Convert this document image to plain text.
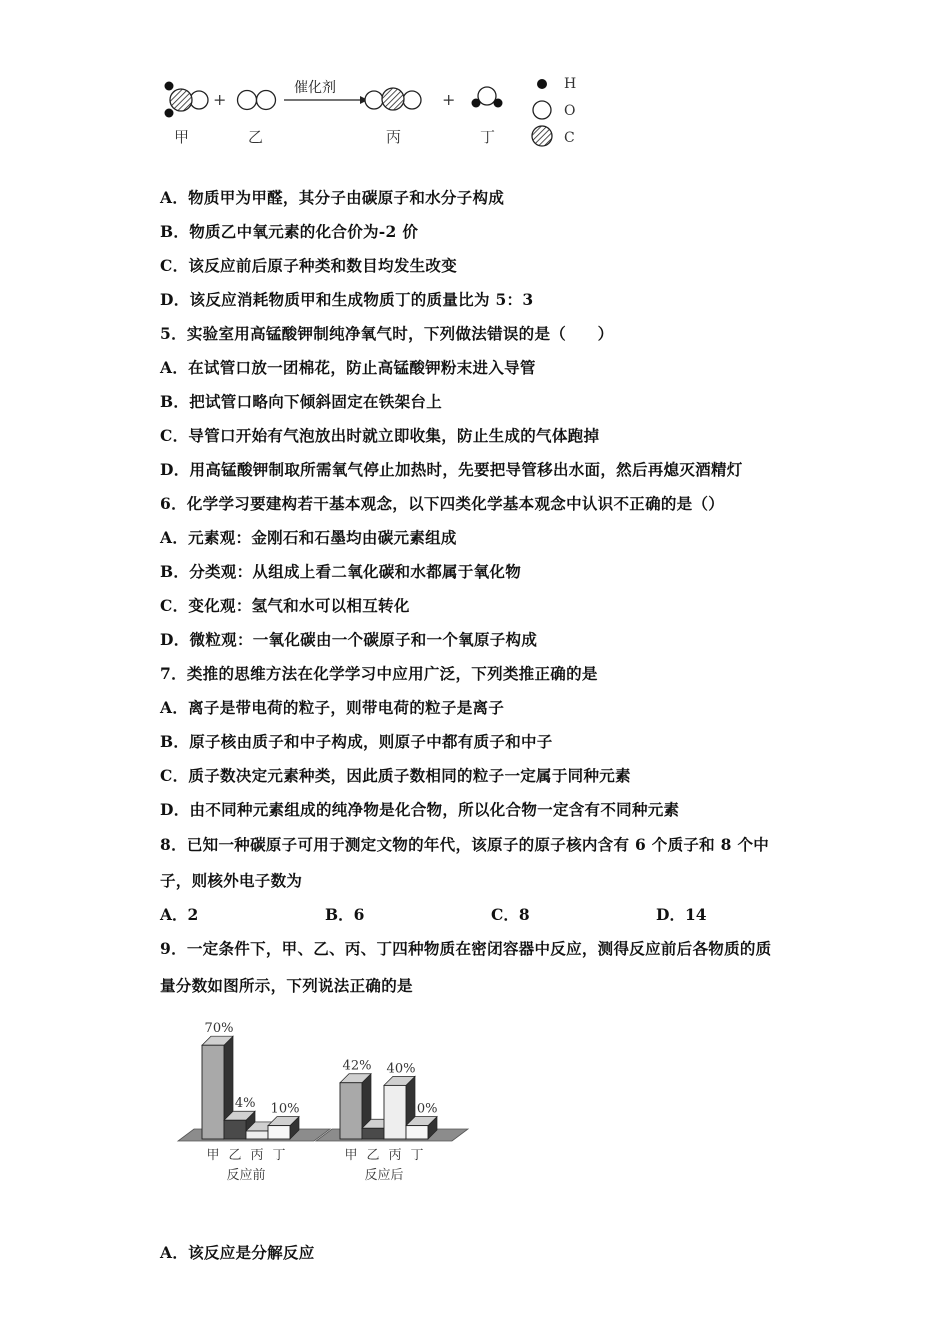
+
催化剂
+
甲	乙	丙	丁
H
O
C
A．物质甲为甲醛，其分子由碳原子和水分子构成
B．物质乙中氧元素的化合价为-2 价
C．该反应前后原子种类和数目均发生改变
D．该反应消耗物质甲和生成物质丁的质量比为 5：3
5．实验室用高锰酸钾制纯净氧气时，下列做法错误的是（　　）
A．在试管口放一团棉花，防止高锰酸钾粉末进入导管
B．把试管口略向下倾斜固定在铁架台上
C．导管口开始有气泡放出时就立即收集，防止生成的气体跑掉
D．用高锰酸钾制取所需氧气停止加热时，先要把导管移出水面，然后再熄灭酒精灯
6．化学学习要建构若干基本观念，以下四类化学基本观念中认识不正确的是（）
A．元素观：金刚石和石墨均由碳元素组成
B．分类观：从组成上看二氧化碳和水都属于氧化物
C．变化观：氢气和水可以相互转化
D．微粒观：一氧化碳由一个碳原子和一个氧原子构成
7．类推的思维方法在化学学习中应用广泛，下列类推正确的是
A．离子是带电荷的粒子，则带电荷的粒子是离子
B．原子核由质子和中子构成，则原子中都有质子和中子
C．质子数决定元素种类，因此质子数相同的粒子一定属于同种元素
D．由不同种元素组成的纯净物是化合物，所以化合物一定含有不同种元素
8．已知一种碳原子可用于测定文物的年代，该原子的原子核内含有 6 个质子和 8 个中
子，则核外电子数为
A．2	B．6	C．8	D．14
9．一定条件下，甲、乙、丙、丁四种物质在密闭容器中反应，测得反应前后各物质的质
量分数如图所示，下列说法正确的是
70%
14% 10%
甲 乙 丙 丁
反应前
42% 40%
10%
甲 乙 丙 丁
反应后
A．该反应是分解反应
